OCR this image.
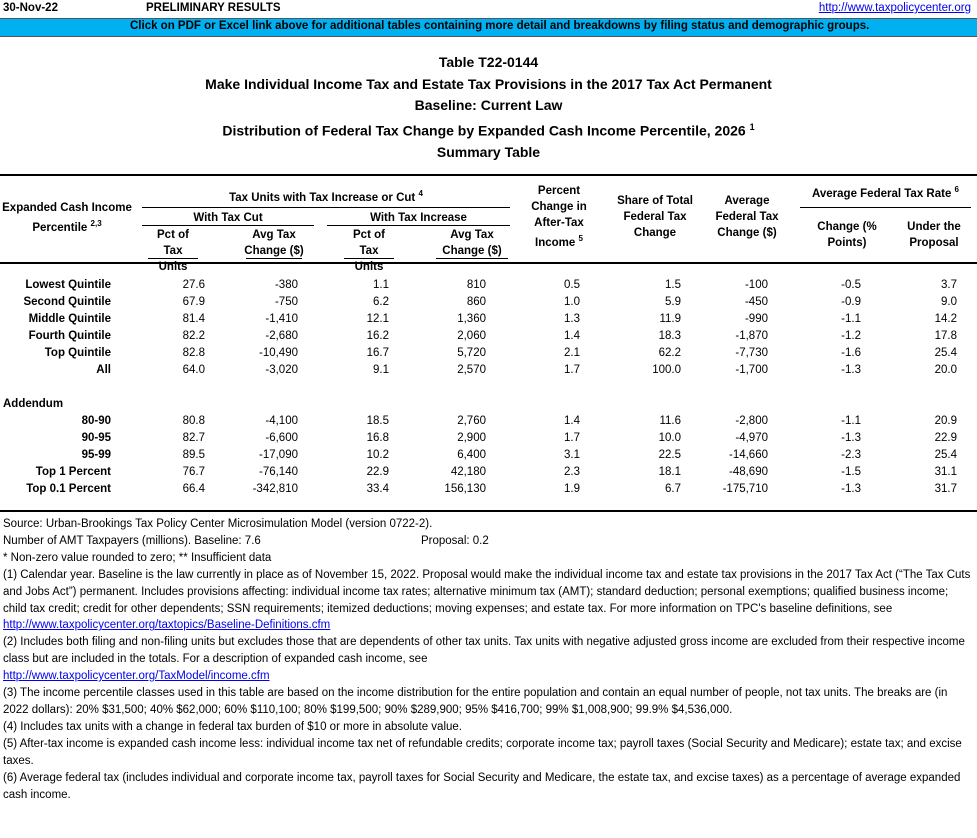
30-Nov-22	PRELIMINARY RESULTS	http://www.taxpolicycenter.org
Click on PDF or Excel link above for additional tables containing more detail and breakdowns by filing status and demographic groups.
Table T22-0144
Make Individual Income Tax and Estate Tax Provisions in the 2017 Tax Act Permanent
Baseline: Current Law
Distribution of Federal Tax Change by Expanded Cash Income Percentile, 2026 $^1$
Summary Table
Expanded Cash Income Percentile $^{2,3}$
Tax Units with Tax Increase or Cut $^4$
With Tax Cut	With Tax Increase
Pct of Tax Units
Avg Tax Change ($)
Pct of Tax Units
Avg Tax Change ($)
Percent Change in After-Tax Income $^5$
Share of Total Federal Tax Change
Average Federal Tax Change ($)
Average Federal Tax Rate $^6$
Change (% Points)
Under the Proposal
Lowest Quintile	27.6	-380	1.1	810	0.5	1.5	-100	-0.5	3.7
Second Quintile	67.9	-750	6.2	860	1.0	5.9	-450	-0.9	9.0
Middle Quintile	81.4	-1,410	12.1	1,360	1.3	11.9	-990	-1.1	14.2
Fourth Quintile	82.2	-2,680	16.2	2,060	1.4	18.3	-1,870	-1.2	17.8
Top Quintile	82.8	-10,490	16.7	5,720	2.1	62.2	-7,730	-1.6	25.4
All	64.0	-3,020	9.1	2,570	1.7	100.0	-1,700	-1.3	20.0
80-90	80.8	-4,100	18.5	2,760	1.4	11.6	-2,800	-1.1	20.9
90-95	82.7	-6,600	16.8	2,900	1.7	10.0	-4,970	-1.3	22.9
95-99	89.5	-17,090	10.2	6,400	3.1	22.5	-14,660	-2.3	25.4
Top 1 Percent	76.7	-76,140	22.9	42,180	2.3	18.1	-48,690	-1.5	31.1
Top 0.1 Percent	66.4	-342,810	33.4	156,130	1.9	6.7	-175,710	-1.3	31.7
Addendum
Source: Urban-Brookings Tax Policy Center Microsimulation Model (version 0722-2).
Number of AMT Taxpayers (millions). Baseline: 7.6	Proposal: 0.2
* Non-zero value rounded to zero; ** Insufficient data
(1) Calendar year. Baseline is the law currently in place as of November 15, 2022. Proposal would make the individual income tax and estate tax provisions in the 2017 Tax Act (“The Tax Cuts and Jobs Act”) permanent. Includes provisions affecting: individual income tax rates; alternative minimum tax (AMT); standard deduction; personal exemptions; qualified business income; child tax credit; credit for other dependents; SSN requirements; itemized deductions; moving expenses; and estate tax. For more information on TPC's baseline definitions, see
http://www.taxpolicycenter.org/taxtopics/Baseline-Definitions.cfm
(2) Includes both filing and non-filing units but excludes those that are dependents of other tax units. Tax units with negative adjusted gross income are excluded from their respective income class but are included in the totals. For a description of expanded cash income, see
http://www.taxpolicycenter.org/TaxModel/income.cfm
(3) The income percentile classes used in this table are based on the income distribution for the entire population and contain an equal number of people, not tax units. The breaks are (in 2022 dollars): 20% $31,500; 40% $62,000; 60% $110,100; 80% $199,500; 90% $289,900; 95% $416,700; 99% $1,008,900; 99.9% $4,536,000.
(4) Includes tax units with a change in federal tax burden of $10 or more in absolute value.
(5) After-tax income is expanded cash income less: individual income tax net of refundable credits; corporate income tax; payroll taxes (Social Security and Medicare); estate tax; and excise taxes.
(6) Average federal tax (includes individual and corporate income tax, payroll taxes for Social Security and Medicare, the estate tax, and excise taxes) as a percentage of average expanded cash income.
